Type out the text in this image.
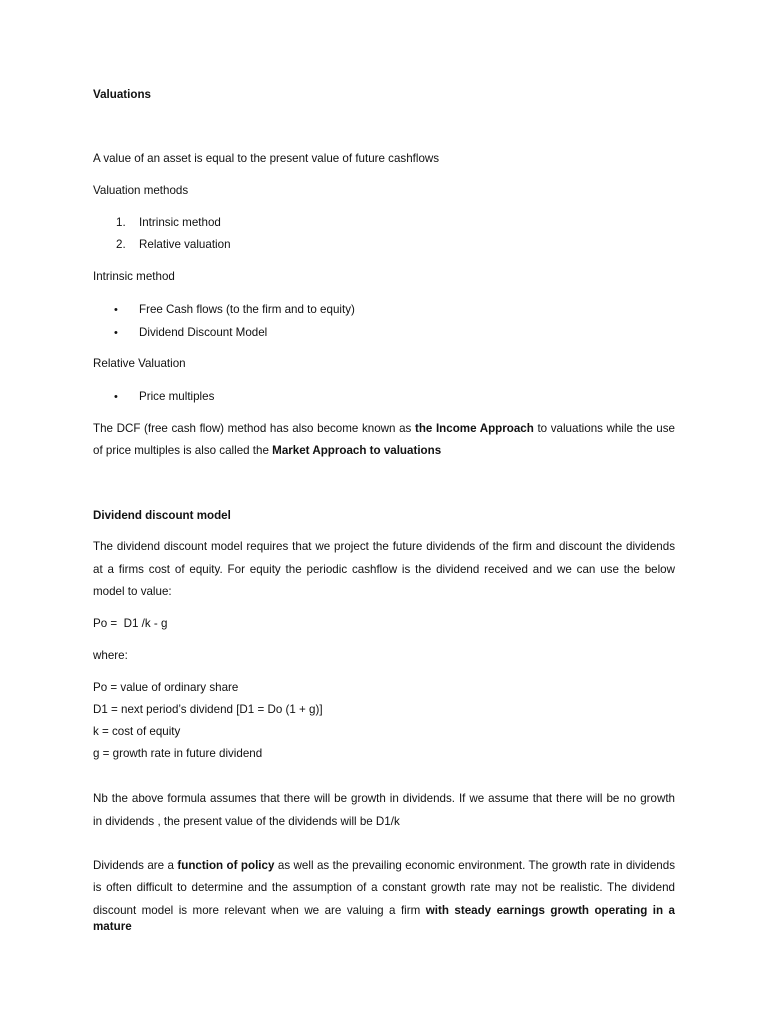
Valuations
A value of an asset is equal to the present value of future cashflows
Valuation methods
1. Intrinsic method
2. Relative valuation
Intrinsic method
• Free Cash flows (to the firm and to equity)
• Dividend Discount Model
Relative Valuation
• Price multiples
The DCF (free cash flow) method has also become known as the Income Approach to valuations while the use
of price multiples is also called the Market Approach to valuations
Dividend discount model
The dividend discount model requires that we project the future dividends of the firm and discount the dividends
at a firms cost of equity. For equity the periodic cashflow is the dividend received and we can use the below
model to value:
Po =  D1 /k - g
where:
Po = value of ordinary share
D1 = next period’s dividend [D1 = Do (1 + g)]
k = cost of equity
g = growth rate in future dividend
Nb the above formula assumes that there will be growth in dividends. If we assume that there will be no growth
in dividends , the present value of the dividends will be D1/k
Dividends are a function of policy as well as the prevailing economic environment. The growth rate in dividends
is often difficult to determine and the assumption of a constant growth rate may not be realistic. The dividend
discount model is more relevant when we are valuing a firm with steady earnings growth operating in a mature
